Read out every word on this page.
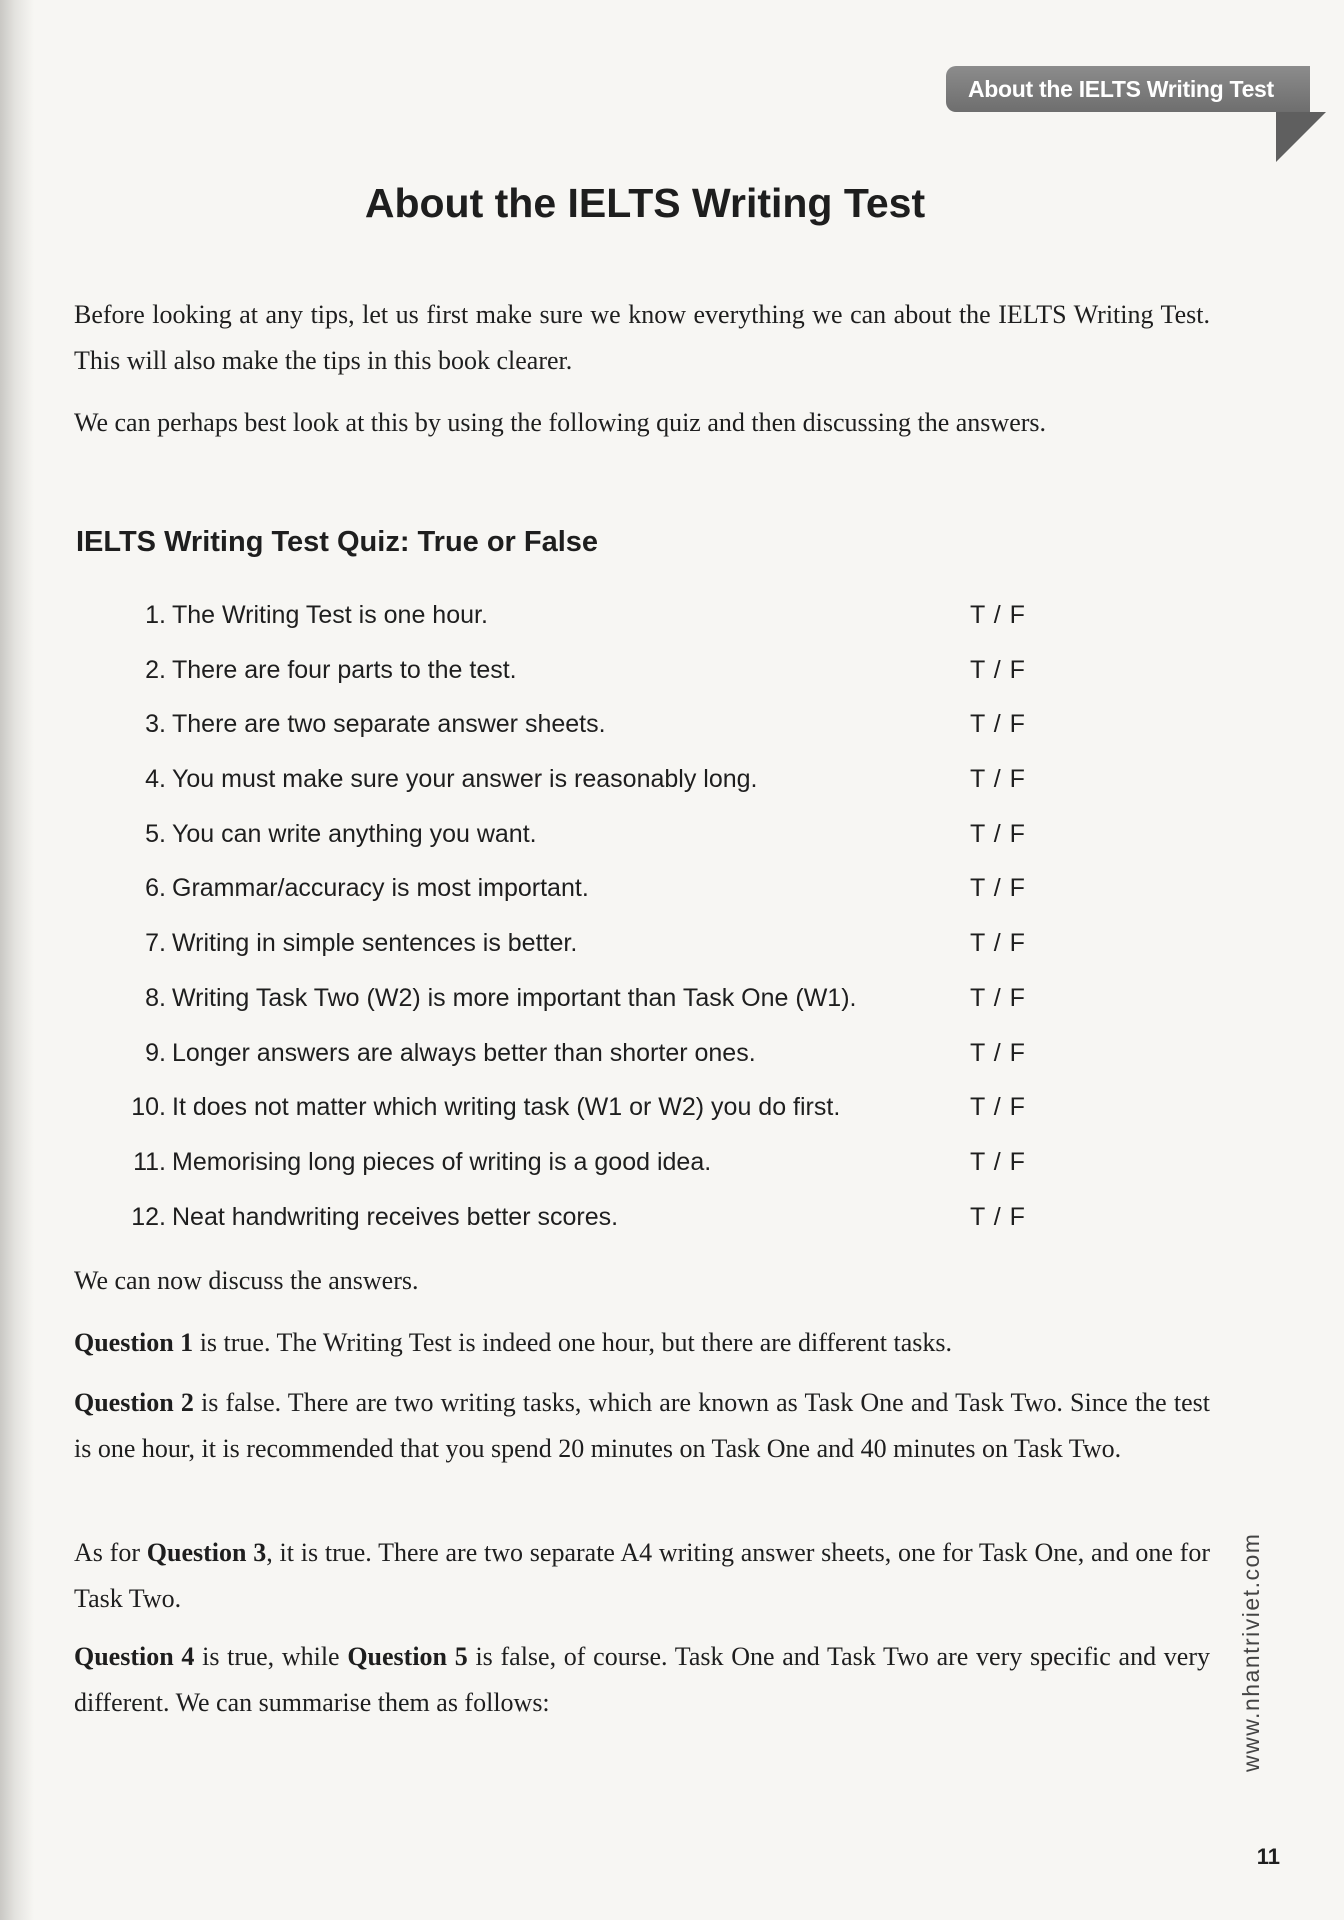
About the IELTS Writing Test
About the IELTS Writing Test

Before looking at any tips, let us first make sure we know everything we can about the IELTS Writing Test. This will also make the tips in this book clearer.

We can perhaps best look at this by using the following quiz and then discussing the answers.

IELTS Writing Test Quiz: True or False
1. The Writing Test is one hour.	T / F
2. There are four parts to the test.	T / F
3. There are two separate answer sheets.	T / F
4. You must make sure your answer is reasonably long.	T / F
5. You can write anything you want.	T / F
6. Grammar/accuracy is most important.	T / F
7. Writing in simple sentences is better.	T / F
8. Writing Task Two (W2) is more important than Task One (W1).	T / F
9. Longer answers are always better than shorter ones.	T / F
10. It does not matter which writing task (W1 or W2) you do first.	T / F
11. Memorising long pieces of writing is a good idea.	T / F
12. Neat handwriting receives better scores.	T / F

We can now discuss the answers.

Question 1 is true. The Writing Test is indeed one hour, but there are different tasks.

Question 2 is false. There are two writing tasks, which are known as Task One and Task Two. Since the test is one hour, it is recommended that you spend 20 minutes on Task One and 40 minutes on Task Two.

As for Question 3, it is true. There are two separate A4 writing answer sheets, one for Task One, and one for Task Two.

Question 4 is true, while Question 5 is false, of course. Task One and Task Two are very specific and very different. We can summarise them as follows:	www.nhantriviet.com
11
